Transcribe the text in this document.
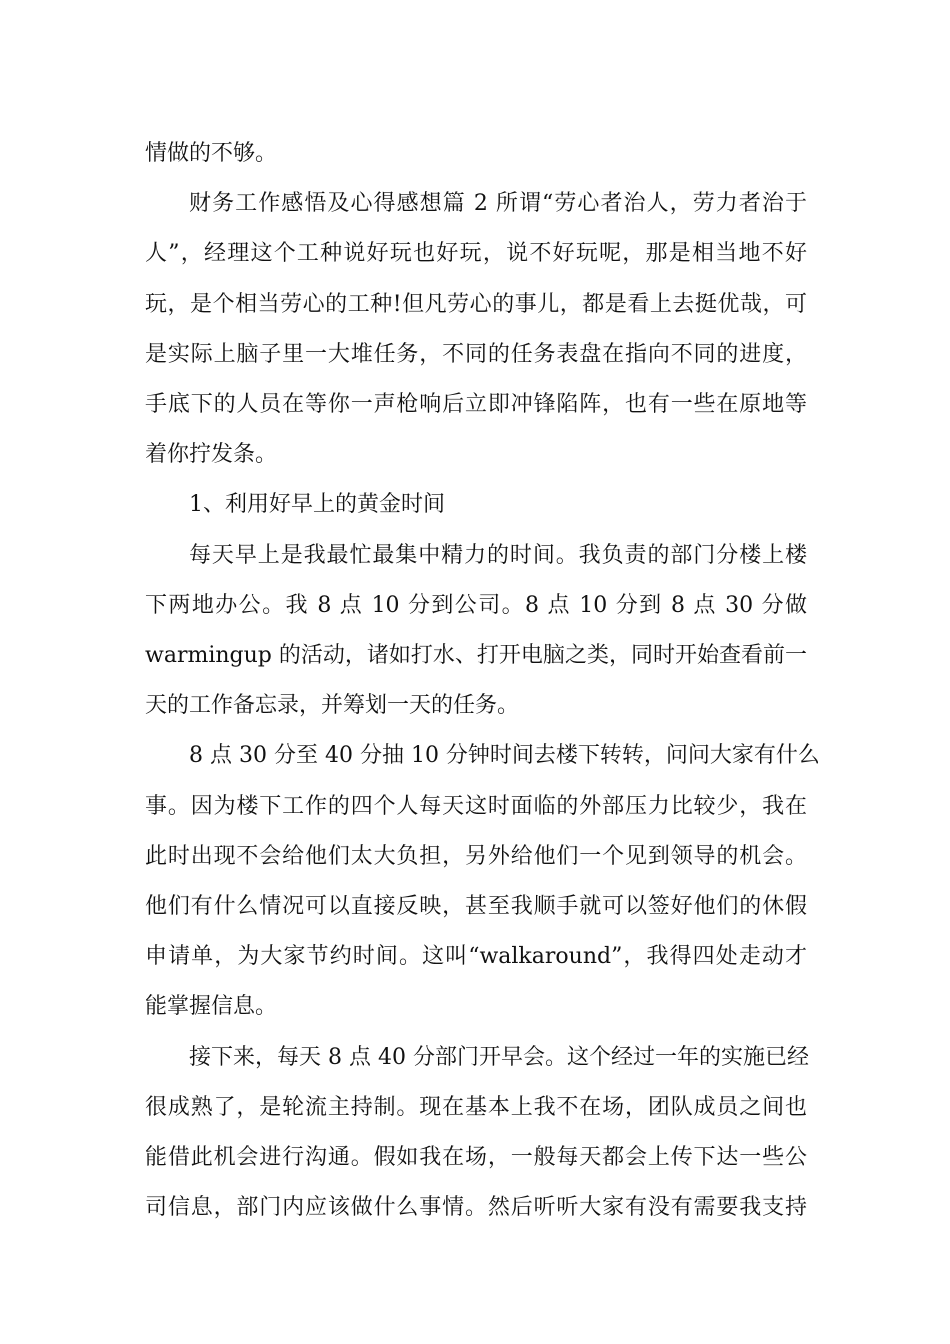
情做的不够。

财务工作感悟及心得感想篇 2 所谓“劳心者治人，劳力者治于
人”，经理这个工种说好玩也好玩，说不好玩呢，那是相当地不好
玩，是个相当劳心的工种!但凡劳心的事儿，都是看上去挺优哉，可
是实际上脑子里一大堆任务，不同的任务表盘在指向不同的进度，
手底下的人员在等你一声枪响后立即冲锋陷阵，也有一些在原地等
着你拧发条。

1、利用好早上的黄金时间

每天早上是我最忙最集中精力的时间。我负责的部门分楼上楼
下两地办公。我 8 点 10 分到公司。8 点 10 分到 8 点 30 分做
warmingup 的活动，诸如打水、打开电脑之类，同时开始查看前一
天的工作备忘录，并筹划一天的任务。

8 点 30 分至 40 分抽 10 分钟时间去楼下转转，问问大家有什么
事。因为楼下工作的四个人每天这时面临的外部压力比较少，我在
此时出现不会给他们太大负担，另外给他们一个见到领导的机会。
他们有什么情况可以直接反映，甚至我顺手就可以签好他们的休假
申请单，为大家节约时间。这叫“walkaround”，我得四处走动才
能掌握信息。

接下来，每天 8 点 40 分部门开早会。这个经过一年的实施已经
很成熟了，是轮流主持制。现在基本上我不在场，团队成员之间也
能借此机会进行沟通。假如我在场，一般每天都会上传下达一些公
司信息，部门内应该做什么事情。然后听听大家有没有需要我支持
